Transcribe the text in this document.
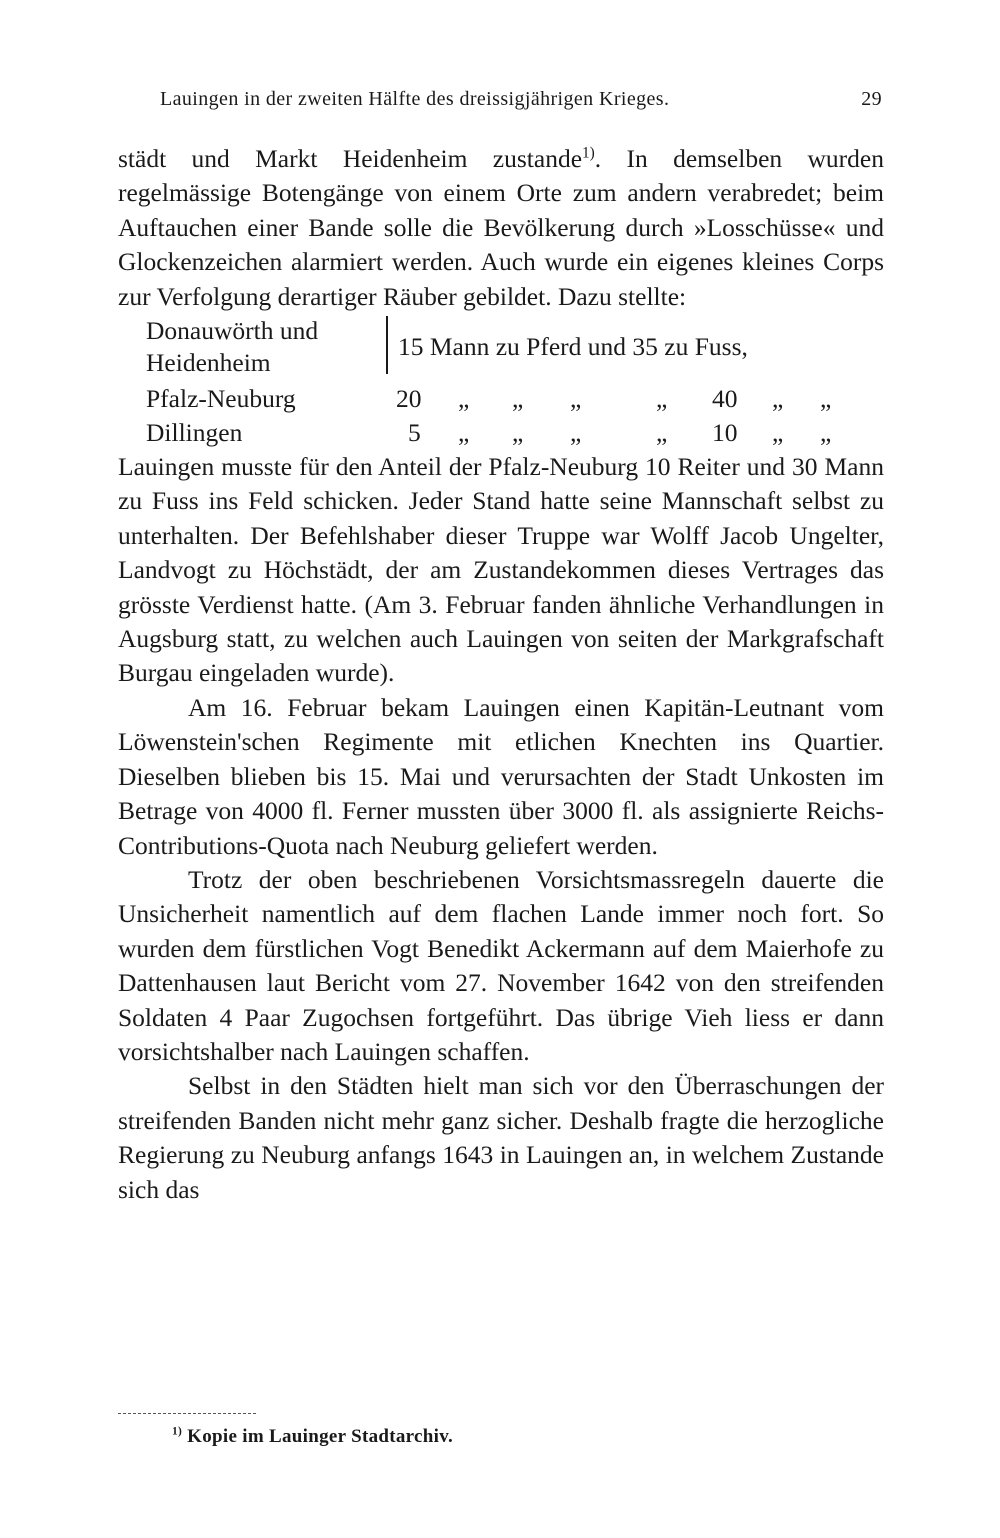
Lauingen in der zweiten Hälfte des dreissigjährigen Krieges.	29

städt und Markt Heidenheim zustande$^{1)}$. In demselben wurden regelmässige Botengänge von einem Orte zum andern verabredet; beim Auftauchen einer Bande solle die Bevölkerung durch »Losschüsse« und Glockenzeichen alarmiert werden. Auch wurde ein eigenes kleines Corps zur Verfolgung derartiger Räuber gebildet. Dazu stellte:

Donauwörth und
Heidenheim
15 Mann zu Pferd und 35 zu Fuss,
Pfalz-Neuburg	20 „ „ „	„ 40 „ „
Dillingen	5 „ „ „	„ 10 „ „

Lauingen musste für den Anteil der Pfalz-Neuburg 10 Reiter und 30 Mann zu Fuss ins Feld schicken. Jeder Stand hatte seine Mannschaft selbst zu unterhalten. Der Befehlshaber dieser Truppe war Wolff Jacob Ungelter, Landvogt zu Höchstädt, der am Zustandekommen dieses Vertrages das grösste Verdienst hatte. (Am 3. Februar fanden ähnliche Verhandlungen in Augsburg statt, zu welchen auch Lauingen von seiten der Markgrafschaft Burgau eingeladen wurde).

Am 16. Februar bekam Lauingen einen Kapitän-Leutnant vom Löwenstein'schen Regimente mit etlichen Knechten ins Quartier. Dieselben blieben bis 15. Mai und verursachten der Stadt Unkosten im Betrage von 4000 fl. Ferner mussten über 3000 fl. als assignierte Reichs-Contributions-Quota nach Neuburg geliefert werden.

Trotz der oben beschriebenen Vorsichtsmassregeln dauerte die Unsicherheit namentlich auf dem flachen Lande immer noch fort. So wurden dem fürstlichen Vogt Benedikt Ackermann auf dem Maierhofe zu Dattenhausen laut Bericht vom 27. November 1642 von den streifenden Soldaten 4 Paar Zugochsen fortgeführt. Das übrige Vieh liess er dann vorsichtshalber nach Lauingen schaffen.

Selbst in den Städten hielt man sich vor den Überraschungen der streifenden Banden nicht mehr ganz sicher. Deshalb fragte die herzogliche Regierung zu Neuburg anfangs 1643 in Lauingen an, in welchem Zustande sich das

$^{1)}$ Kopie im Lauinger Stadtarchiv.
